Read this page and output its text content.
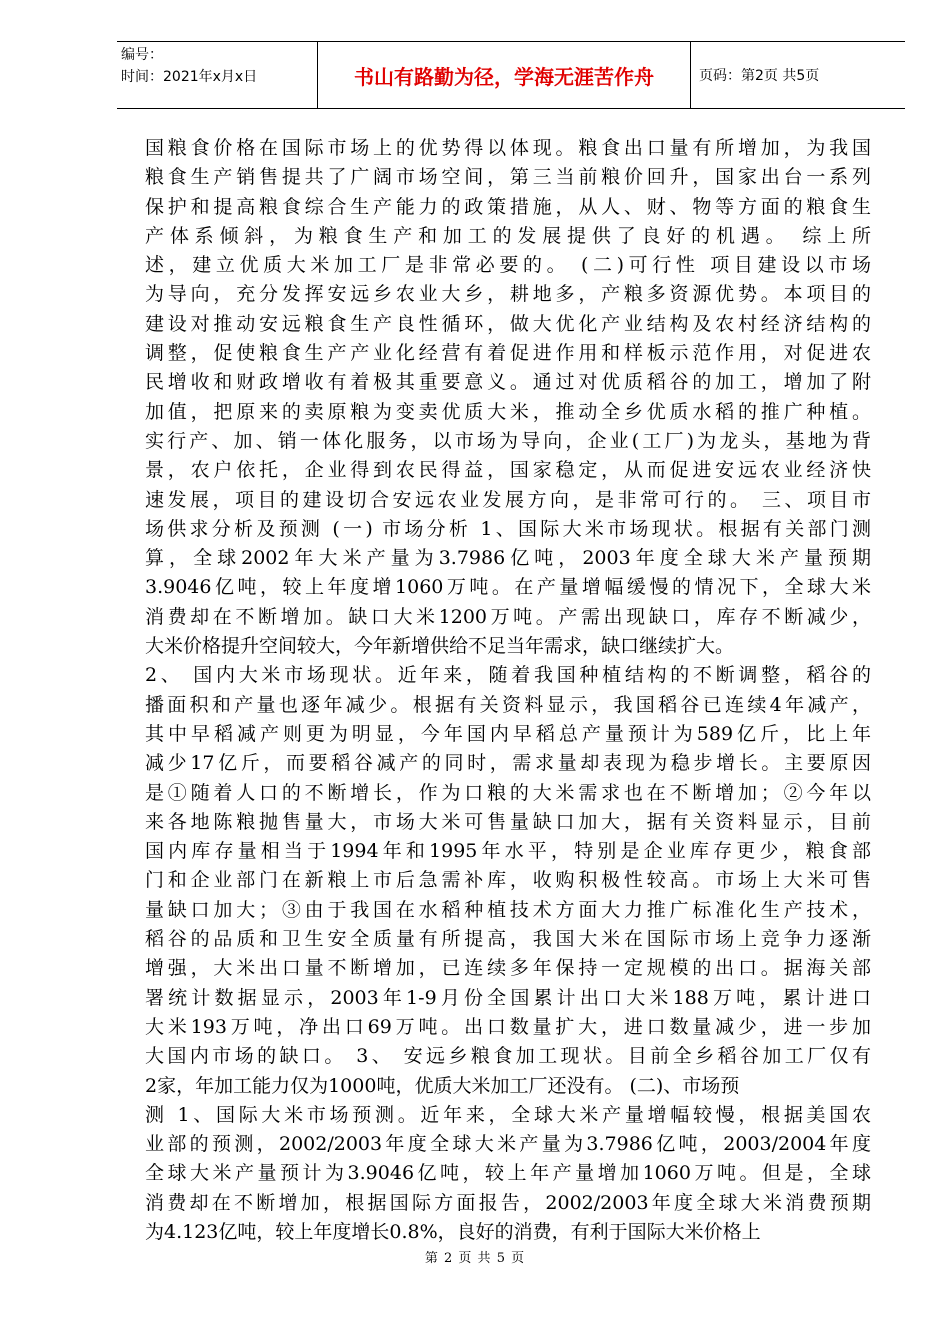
编号：
时间：2021年x月x日	书山有路勤为径，学海无涯苦作舟	页码：第2页 共5页
国粮食价格在国际市场上的优势得以体现。粮食出口量有所增加，为我国
粮食生产销售提共了广阔市场空间，第三当前粮价回升，国家出台一系列
保护和提高粮食综合生产能力的政策措施，从人、财、物等方面的粮食生
产体系倾斜，为粮食生产和加工的发展提供了良好的机遇。 综上所
述，建立优质大米加工厂是非常必要的。 (二)可行性 项目建设以市场
为导向，充分发挥安远乡农业大乡，耕地多，产粮多资源优势。本项目的
建设对推动安远粮食生产良性循环，做大优化产业结构及农村经济结构的
调整，促使粮食生产产业化经营有着促进作用和样板示范作用，对促进农
民增收和财政增收有着极其重要意义。通过对优质稻谷的加工，增加了附
加值，把原来的卖原粮为变卖优质大米，推动全乡优质水稻的推广种植。
实行产、加、销一体化服务，以市场为导向，企业(工厂)为龙头，基地为背
景，农户依托，企业得到农民得益，国家稳定，从而促进安远农业经济快
速发展，项目的建设切合安远农业发展方向，是非常可行的。 三、项目市
场供求分析及预测 (一) 市场分析 1、国际大米市场现状。根据有关部门测
算，全球2002年大米产量为3.7986亿吨，2003年度全球大米产量预期
3.9046亿吨，较上年度增1060万吨。在产量增幅缓慢的情况下，全球大米
消费却在不断增加。缺口大米1200万吨。产需出现缺口，库存不断减少，
大米价格提升空间较大，今年新增供给不足当年需求，缺口继续扩大。
2、 国内大米市场现状。近年来，随着我国种植结构的不断调整，稻谷的
播面积和产量也逐年减少。根据有关资料显示，我国稻谷已连续4年减产，
其中早稻减产则更为明显，今年国内早稻总产量预计为589亿斤，比上年
减少17亿斤，而要稻谷减产的同时，需求量却表现为稳步增长。主要原因
是①随着人口的不断增长，作为口粮的大米需求也在不断增加；②今年以
来各地陈粮抛售量大，市场大米可售量缺口加大，据有关资料显示，目前
国内库存量相当于1994年和1995年水平，特别是企业库存更少，粮食部
门和企业部门在新粮上市后急需补库，收购积极性较高。市场上大米可售
量缺口加大；③由于我国在水稻种植技术方面大力推广标准化生产技术，
稻谷的品质和卫生安全质量有所提高，我国大米在国际市场上竞争力逐渐
增强，大米出口量不断增加，已连续多年保持一定规模的出口。据海关部
署统计数据显示，2003年1-9月份全国累计出口大米188万吨，累计进口
大米193万吨，净出口69万吨。出口数量扩大，进口数量减少，进一步加
大国内市场的缺口。 3、 安远乡粮食加工现状。目前全乡稻谷加工厂仅有
2家，年加工能力仅为1000吨，优质大米加工厂还没有。 (二)、市场预
测 1、国际大米市场预测。近年来，全球大米产量增幅较慢，根据美国农
业部的预测，2002/2003年度全球大米产量为3.7986亿吨，2003/2004年度
全球大米产量预计为3.9046亿吨，较上年产量增加1060万吨。但是，全球
消费却在不断增加，根据国际方面报告，2002/2003年度全球大米消费预期
为4.123亿吨，较上年度增长0.8%，良好的消费，有利于国际大米价格上
第 2 页 共 5 页
